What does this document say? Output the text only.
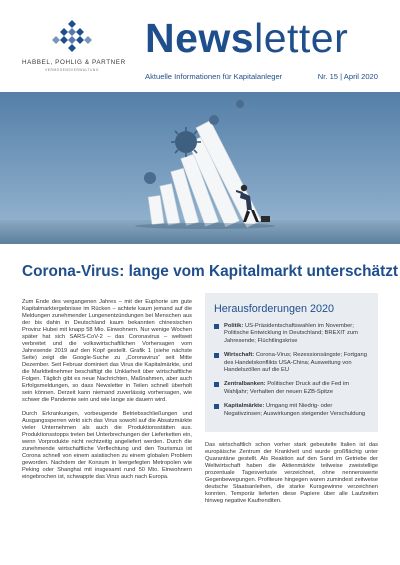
HABBEL, POHLIG & PARTNER
VERMÖGENSVERWALTUNG
Newsletter
Aktuelle Informationen für Kapitalanleger	Nr. 15 | April 2020
Corona-Virus: lange vom Kapitalmarkt unterschätzt

Zum Ende des vergangenen Jahres – mit der Euphorie um gute Kapitalmarktergebnisse im Rücken – achtete kaum jemand auf die Meldungen zunehmender Lungenentzündungen bei Menschen aus der bis dahin in Deutschland kaum bekannten chinesischen Provinz Hubei mit knapp 58 Mio. Einwohnern. Nur wenige Wochen später hat sich SARS-CoV-2 – das Coronavirus – weltweit verbreitet und die volkswirtschaftlichen Vorhersagen vom Jahresende 2019 auf den Kopf gestellt. Grafik 1 (siehe nächste Seite) zeigt die Google-Suche zu „Coronavirus“ seit Mitte Dezember. Seit Februar dominiert das Virus die Kapitalmärkte, und die Marktteilnehmer beschäftigt die Unklarheit über wirtschaftliche Folgen. Täglich gibt es neue Nachrichten, Maßnahmen, aber auch Erfolgsmeldungen, so dass Newsletter in Teilen schnell überholt sein können. Derzeit kann niemand zuverlässig vorhersagen, wie schwer die Pandemie sein und wie lange sie dauern wird.

Durch Erkrankungen, vorbeugende Betriebsschließungen und Ausgangssperren wirkt sich das Virus sowohl auf die Absatzmärkte vieler Unternehmen als auch die Produktionsstätten aus. Produktionsstopps treten bei Unterbrechungen der Lieferketten ein, wenn Vorprodukte nicht rechtzeitig angeliefert werden. Durch die zunehmende wirtschaftliche Verflechtung und den Tourismus ist Corona schnell von einem asiatischen zu einem globalen Problem geworden. Nachdem der Konsum in leergefegten Metropolen wie Peking oder Shanghai mit insgesamt rund 50 Mio. Einwohnern eingebrochen ist, schwappte das Virus auch nach Europa.

Herausforderungen 2020
Politik: US-Präsidentschaftswahlen im November; Politische Entwicklung in Deutschland; BREXIT zum Jahresende; Flüchtlingskrise
Wirtschaft: Corona-Virus; Rezessionsängste; Fortgang des Handelskonflikts USA-China; Ausweitung von Handelszöllen auf die EU
Zentralbanken: Politischer Druck auf die Fed im Wahljahr; Verhalten der neuen EZB-Spitze
Kapitalmärkte: Umgang mit Niedrig- oder Negativzinsen; Auswirkungen steigender Verschuldung

Das wirtschaftlich schon vorher stark gebeutelte Italien ist das europäische Zentrum der Krankheit und wurde großflächig unter Quarantäne gestellt. Als Reaktion auf den Sand im Getriebe der Weltwirtschaft haben die Aktienmärkte teilweise zweistellige prozentuale Tagesverluste verzeichnet, ohne nennenswerte Gegenbewegungen. Profiteure hingegen waren zumindest zeitweise deutsche Staatsanleihen, die starke Kursgewinne verzeichnen konnten. Temporär lieferten diese Papiere über alle Laufzeiten hinweg negative Kaufrenditen.
